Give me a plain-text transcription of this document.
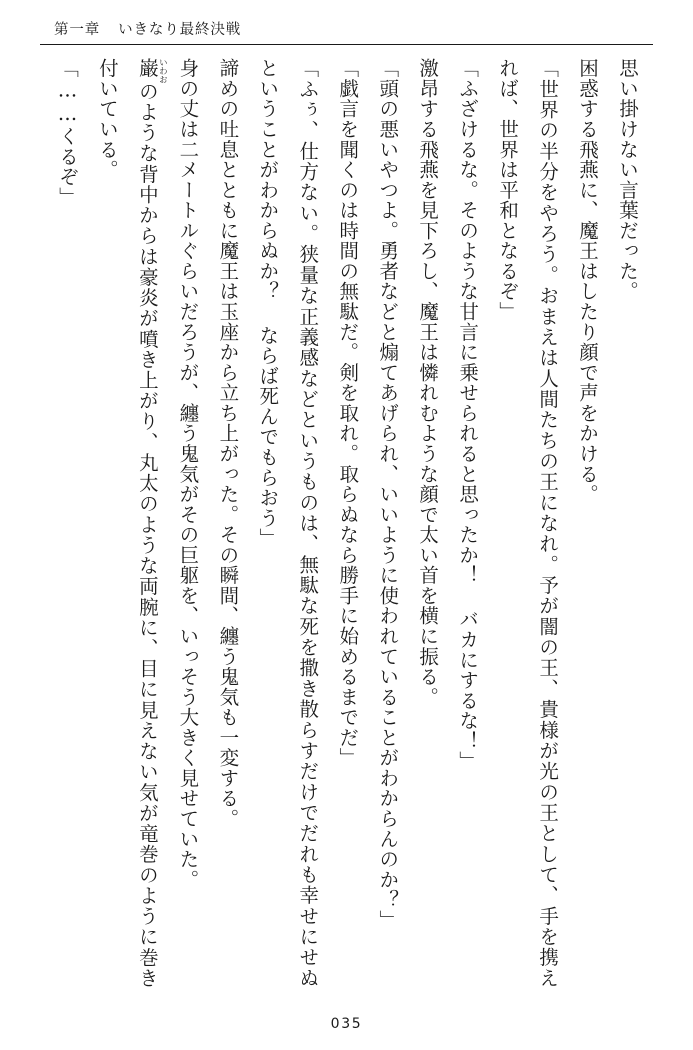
第一章 いきなり最終決戦

思い掛けない言葉だった。

困惑する飛燕に、魔王はしたり顔で声をかける。

「世界の半分をやろう。おまえは人間たちの王になれ。予が闇の王、貴様が光の王として、手を携えれば、世界は平和となるぞ」

「ふざけるな。そのような甘言に乗せられると思ったか！ バカにするな！」

激昂する飛燕を見下ろし、魔王は憐れむような顔で太い首を横に振る。

「頭の悪いやつよ。勇者などと煽てあげられ、いいように使われていることがわからんのか？」

「戯言を聞くのは時間の無駄だ。剣を取れ。取らぬなら勝手に始めるまでだ」

「ふぅ、仕方ない。狭量な正義感などというものは、無駄な死を撒き散らすだけでだれも幸せにせぬということがわからぬか？ ならば死んでもらおう」

諦めの吐息とともに魔王は玉座から立ち上がった。その瞬間、纏う鬼気も一変する。

身の丈は二メートルぐらいだろうが、纏う鬼気がその巨躯を、いっそう大きく見せていた。

巌いわおのような背中からは豪炎が噴き上がり、丸太のような両腕に、目に見えない気が竜巻のように巻き付いている。

「……くるぞ」

035
